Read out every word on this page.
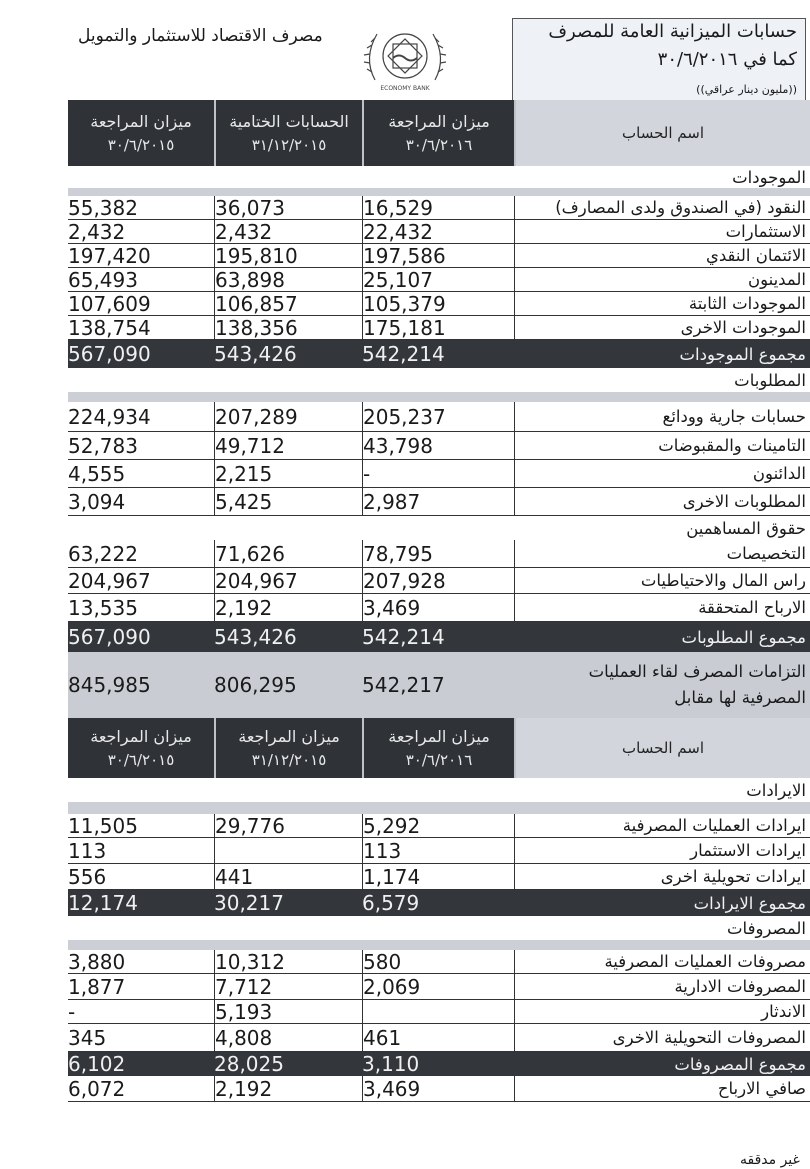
حسابات الميزانية العامة للمصرف
كما في ٣٠/٦/٢٠١٦
((مليون دينار عراقي))
ECONOMY BANK
مصرف الاقتصاد للاستثمار والتمويل
اسم الحساب
ميزان المراجعة
٣٠/٦/٢٠١٦
الحسابات الختامية
٣١/١٢/٢٠١٥
ميزان المراجعة
٣٠/٦/٢٠١٥
الموجودات
النقود (في الصندوق ولدى المصارف)
16,529
36,073
55,382
الاستثمارات
22,432
2,432
2,432
الائتمان النقدي
197,586
195,810
197,420
المدينون
25,107
63,898
65,493
الموجودات الثابتة
105,379
106,857
107,609
الموجودات الاخرى
175,181
138,356
138,754
مجموع الموجودات
542,214
543,426
567,090
المطلوبات
حسابات جارية وودائع
205,237
207,289
224,934
التامينات والمقبوضات
43,798
49,712
52,783
الدائنون
-
2,215
4,555
المطلوبات الاخرى
2,987
5,425
3,094
حقوق المساهمين
التخصيصات
78,795
71,626
63,222
راس المال والاحتياطيات
207,928
204,967
204,967
الارباح المتحققة
3,469
2,192
13,535
مجموع المطلوبات
542,214
543,426
567,090
التزامات المصرف لقاء العمليات
المصرفية لها مقابل
542,217
806,295
845,985
اسم الحساب
ميزان المراجعة
٣٠/٦/٢٠١٦
ميزان المراجعة
٣١/١٢/٢٠١٥
ميزان المراجعة
٣٠/٦/٢٠١٥
الايرادات
ايرادات العمليات المصرفية
5,292
29,776
11,505
ايرادات الاستثمار
113
113
ايرادات تحويلية اخرى
1,174
441
556
مجموع الايرادات
6,579
30,217
12,174
المصروفات
مصروفات العمليات المصرفية
580
10,312
3,880
المصروفات الادارية
2,069
7,712
1,877
الاندثار
5,193
-
المصروفات التحويلية الاخرى
461
4,808
345
مجموع المصروفات
3,110
28,025
6,102
صافي الارباح
3,469
2,192
6,072
غير مدققه
